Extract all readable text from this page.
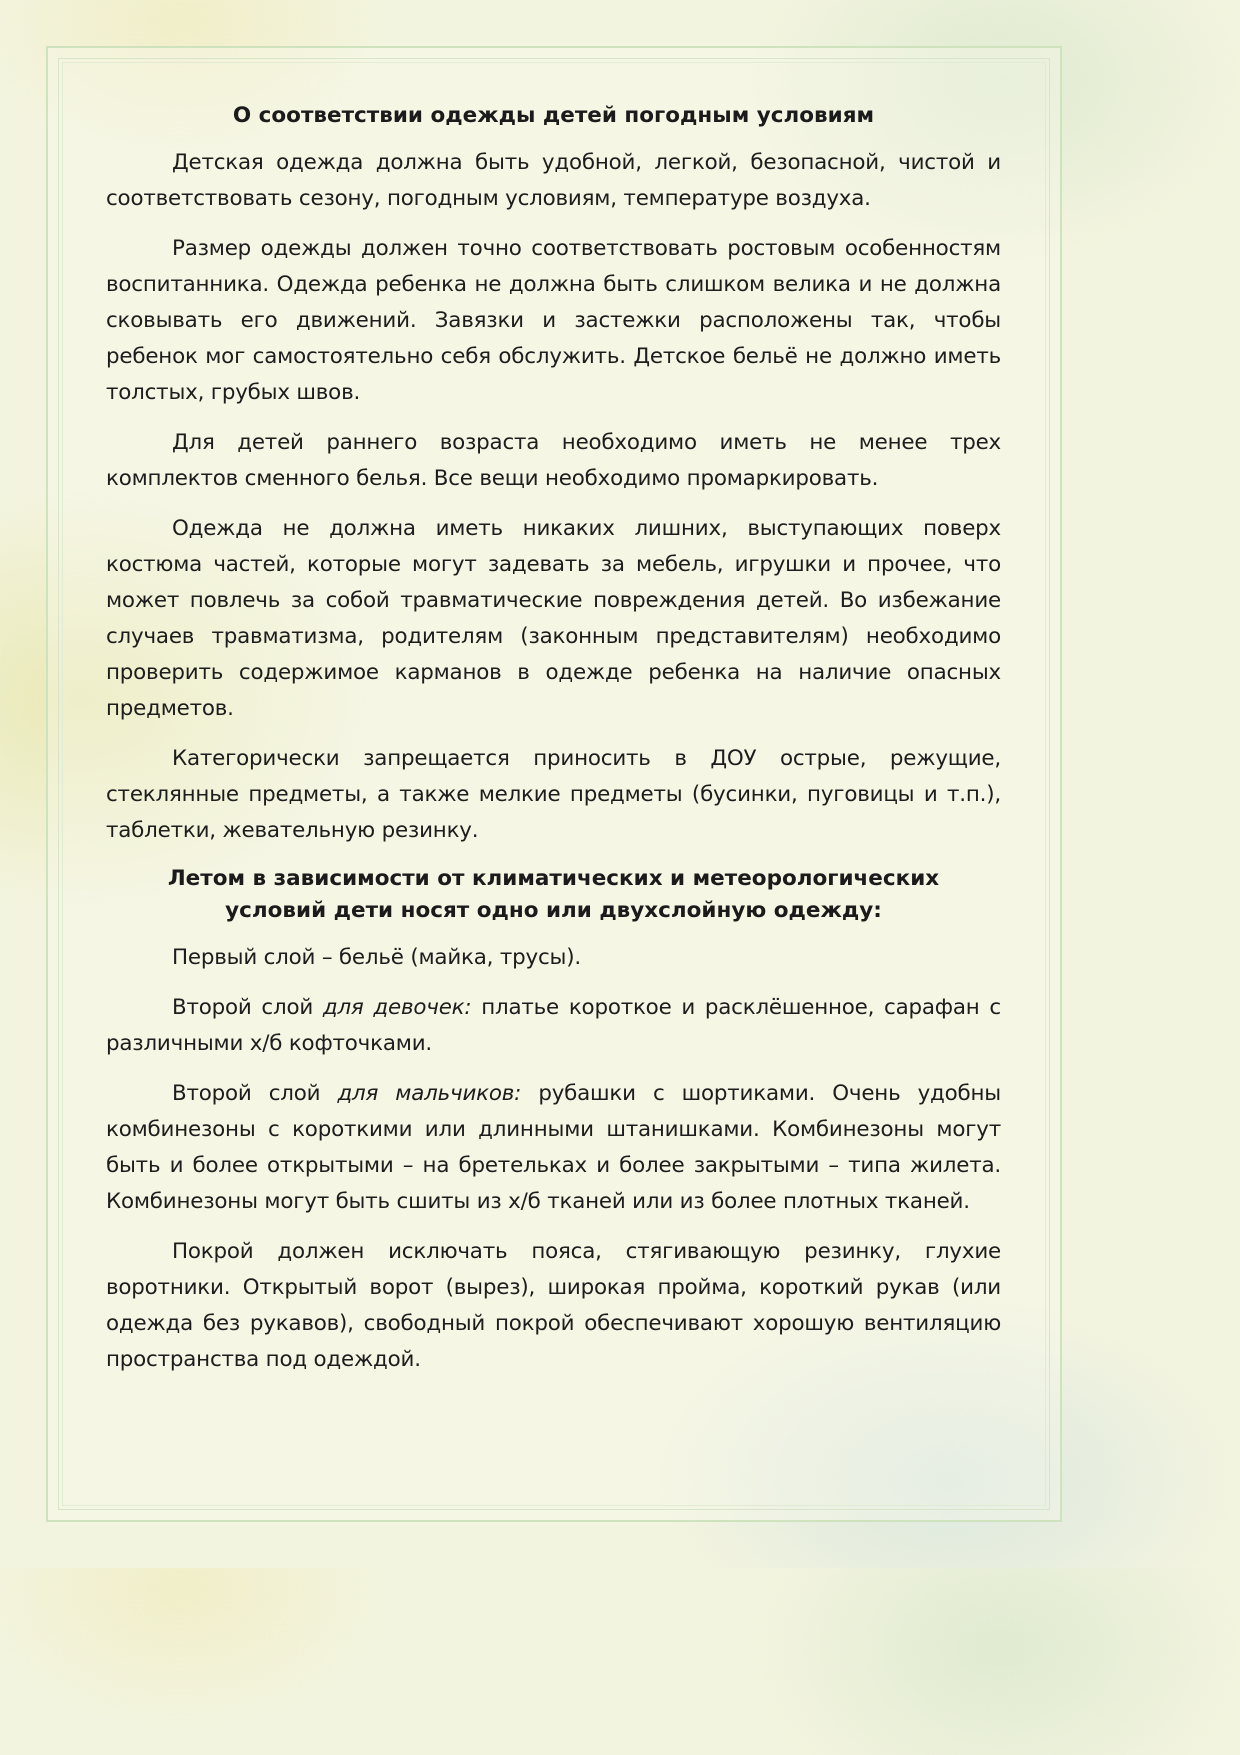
О соответствии одежды детей погодным условиям

Детская одежда должна быть удобной, легкой, безопасной, чистой и соответствовать сезону, погодным условиям, температуре воздуха.

Размер одежды должен точно соответствовать ростовым особенностям воспитанника. Одежда ребенка не должна быть слишком велика и не должна сковывать его движений. Завязки и застежки расположены так, чтобы ребенок мог самостоятельно себя обслужить. Детское бельё не должно иметь толстых, грубых швов.

Для детей раннего возраста необходимо иметь не менее трех комплектов сменного белья. Все вещи необходимо промаркировать.

Одежда не должна иметь никаких лишних, выступающих поверх костюма частей, которые могут задевать за мебель, игрушки и прочее, что может повлечь за собой травматические повреждения детей. Во избежание случаев травматизма, родителям (законным представителям) необходимо проверить содержимое карманов в одежде ребенка на наличие опасных предметов.

Категорически запрещается приносить в ДОУ острые, режущие, стеклянные предметы, а также мелкие предметы (бусинки, пуговицы и т.п.), таблетки, жевательную резинку.

Летом в зависимости от климатических и метеорологических
условий дети носят одно или двухслойную одежду:

Первый слой – бельё (майка, трусы).

Второй слой для девочек: платье короткое и расклёшенное, сарафан с различными х/б кофточками.

Второй слой для мальчиков: рубашки с шортиками. Очень удобны комбинезоны с короткими или длинными штанишками. Комбинезоны могут быть и более открытыми – на бретельках и более закрытыми – типа жилета. Комбинезоны могут быть сшиты из х/б тканей или из более плотных тканей.

Покрой должен исключать пояса, стягивающую резинку, глухие воротники. Открытый ворот (вырез), широкая пройма, короткий рукав (или одежда без рукавов), свободный покрой обеспечивают хорошую вентиляцию пространства под одеждой.
